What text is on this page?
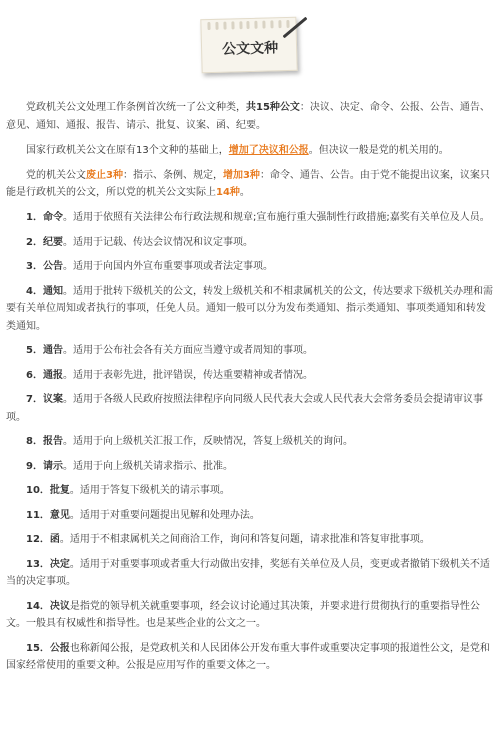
公文文种

党政机关公文处理工作条例首次统一了公文种类，共15种公文：决议、决定、命令、公报、公告、通告、意见、通知、通报、报告、请示、批复、议案、函、纪要。

国家行政机关公文在原有13个文种的基础上，增加了决议和公报。但决议一般是党的机关用的。

党的机关公文废止3种：指示、条例、规定，增加3种：命令、通告、公告。由于党不能提出议案，议案只能是行政机关的公文，所以党的机关公文实际上14种。

1．命令。适用于依照有关法律公布行政法规和规章;宣布施行重大强制性行政措施;嘉奖有关单位及人员。

2．纪要。适用于记载、传达会议情况和议定事项。

3．公告。适用于向国内外宣布重要事项或者法定事项。

4．通知。适用于批转下级机关的公文，转发上级机关和不相隶属机关的公文，传达要求下级机关办理和需要有关单位周知或者执行的事项，任免人员。通知一般可以分为发布类通知、指示类通知、事项类通知和转发类通知。

5．通告。适用于公布社会各有关方面应当遵守或者周知的事项。

6．通报。适用于表彰先进，批评错误，传达重要精神或者情况。

7．议案。适用于各级人民政府按照法律程序向同级人民代表大会或人民代表大会常务委员会提请审议事项。

8．报告。适用于向上级机关汇报工作，反映情况，答复上级机关的询问。

9．请示。适用于向上级机关请求指示、批准。

10．批复。适用于答复下级机关的请示事项。

11．意见。适用于对重要问题提出见解和处理办法。

12．函。适用于不相隶属机关之间商洽工作，询问和答复问题，请求批准和答复审批事项。

13．决定。适用于对重要事项或者重大行动做出安排，奖惩有关单位及人员，变更或者撤销下级机关不适当的决定事项。

14．决议是指党的领导机关就重要事项，经会议讨论通过其决策，并要求进行贯彻执行的重要指导性公文。一般具有权威性和指导性。也是某些企业的公文之一。

15．公报也称新闻公报，是党政机关和人民团体公开发布重大事件或重要决定事项的报道性公文，是党和国家经常使用的重要文种。公报是应用写作的重要文体之一。
